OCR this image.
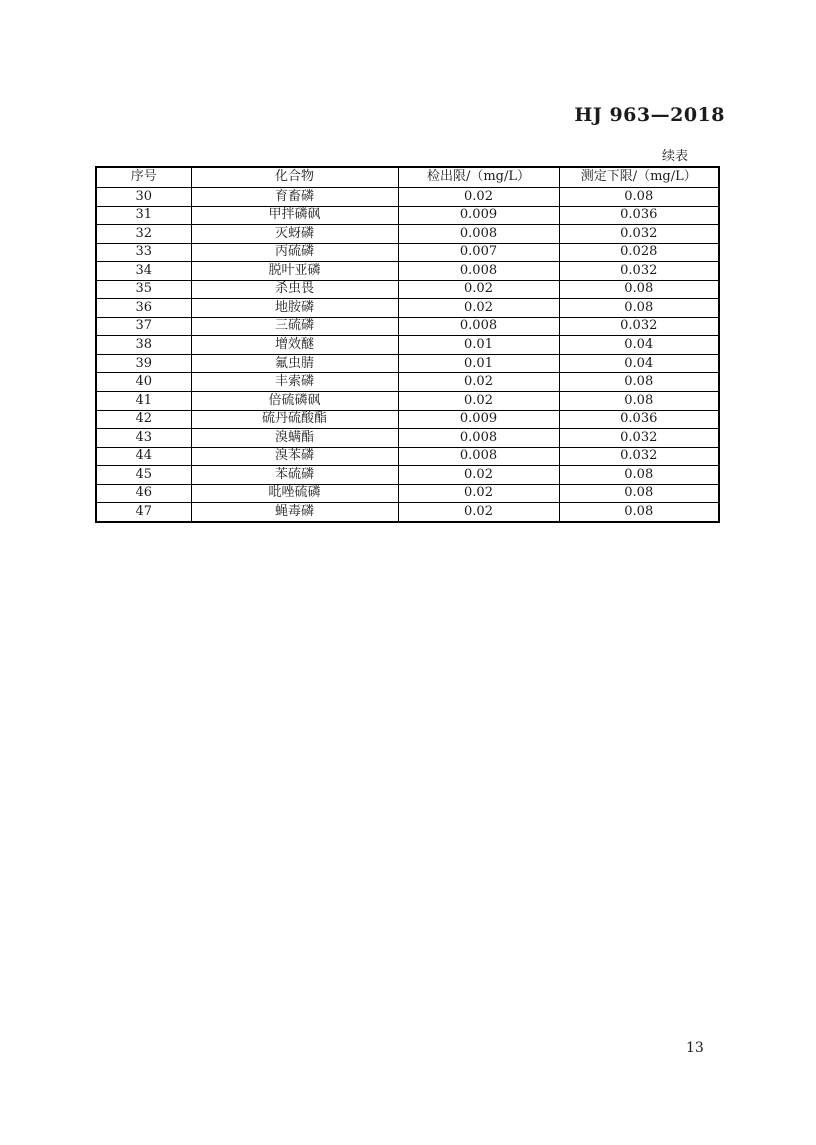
HJ 963—2018
续表
序号	化合物	检出限/（mg/L）	测定下限/（mg/L）
30	育畜磷	0.02	0.08
31	甲拌磷砜	0.009	0.036
32	灭蚜磷	0.008	0.032
33	丙硫磷	0.007	0.028
34	脱叶亚磷	0.008	0.032
35	杀虫畏	0.02	0.08
36	地胺磷	0.02	0.08
37	三硫磷	0.008	0.032
38	增效醚	0.01	0.04
39	氟虫腈	0.01	0.04
40	丰索磷	0.02	0.08
41	倍硫磷砜	0.02	0.08
42	硫丹硫酸酯	0.009	0.036
43	溴螨酯	0.008	0.032
44	溴苯磷	0.008	0.032
45	苯硫磷	0.02	0.08
46	吡唑硫磷	0.02	0.08
47	蝇毒磷	0.02	0.08
13
